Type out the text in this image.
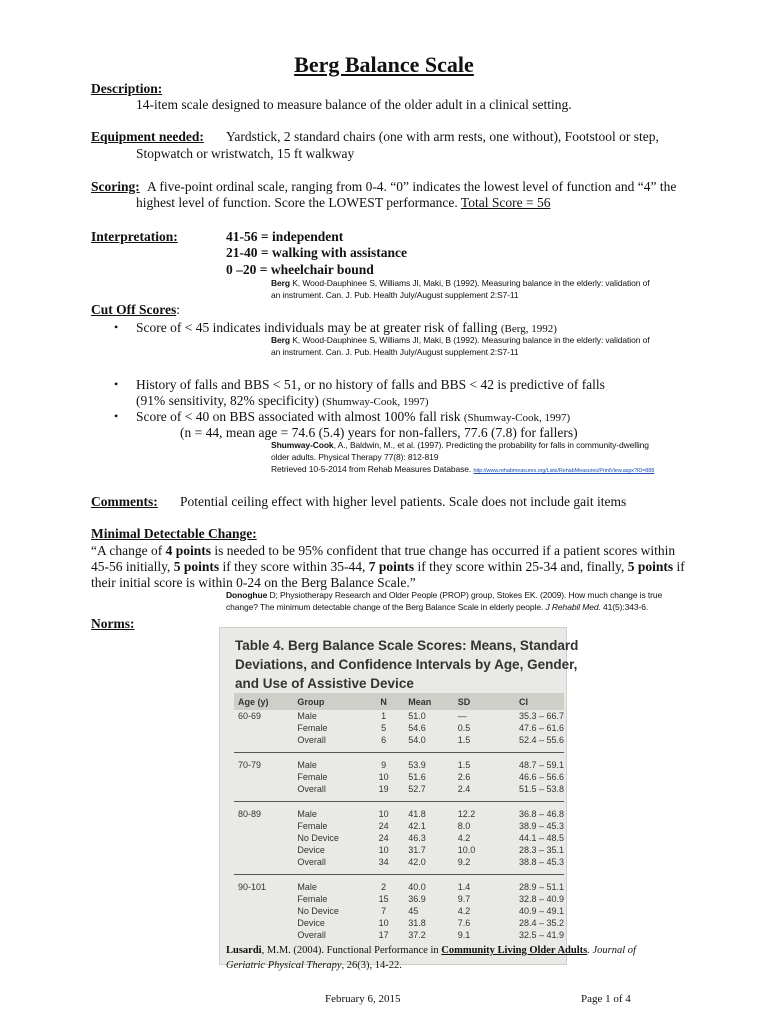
Berg Balance Scale
Description:
14-item scale designed to measure balance of the older adult in a clinical setting.
Equipment needed: Yardstick, 2 standard chairs (one with arm rests, one without), Footstool or step,
Stopwatch or wristwatch, 15 ft walkway
Scoring: A five-point ordinal scale, ranging from 0-4. “0” indicates the lowest level of function and “4” the
highest level of function. Score the LOWEST performance. Total Score = 56
Interpretation:	41-56 = independent
21-40 = walking with assistance
0 –20 = wheelchair bound
Berg K, Wood-Dauphinee S, Williams JI, Maki, B (1992). Measuring balance in the elderly: validation of
an instrument. Can. J. Pub. Health July/August supplement 2:S7-11
Cut Off Scores:
• Score of < 45 indicates individuals may be at greater risk of falling (Berg, 1992)
Berg K, Wood-Dauphinee S, Williams JI, Maki, B (1992). Measuring balance in the elderly: validation of
an instrument. Can. J. Pub. Health July/August supplement 2:S7-11
• History of falls and BBS < 51, or no history of falls and BBS < 42 is predictive of falls
(91% sensitivity, 82% specificity) (Shumway-Cook, 1997)
• Score of < 40 on BBS associated with almost 100% fall risk (Shumway-Cook, 1997)
(n = 44, mean age = 74.6 (5.4) years for non-fallers, 77.6 (7.8) for fallers)
Shumway-Cook, A., Baldwin, M., et al. (1997). Predicting the probability for falls in community-dwelling
older adults. Physical Therapy 77(8): 812-819
Retrieved 10-5-2014 from Rehab Measures Database. http://www.rehabmeasures.org/Lists/RehabMeasures/PrintView.aspx?ID=888
Comments: Potential ceiling effect with higher level patients. Scale does not include gait items
Minimal Detectable Change:
“A change of 4 points is needed to be 95% confident that true change has occurred if a patient scores within
45-56 initially, 5 points if they score within 35-44, 7 points if they score within 25-34 and, finally, 5 points if
their initial score is within 0-24 on the Berg Balance Scale.”
Donoghue D; Physiotherapy Research and Older People (PROP) group, Stokes EK. (2009). How much change is true
change? The minimum detectable change of the Berg Balance Scale in elderly people. J Rehabil Med. 41(5):343-6.
Norms:
Table 4. Berg Balance Scale Scores: Means, Standard
Deviations, and Confidence Intervals by Age, Gender,
and Use of Assistive Device
Age (y)	Group	N	Mean	SD	CI
60-69	Male	1	51.0	—	35.3 – 66.7
	Female	5	54.6	0.5	47.6 – 61.6
	Overall	6	54.0	1.5	52.4 – 55.6
70-79	Male	9	53.9	1.5	48.7 – 59.1
	Female	10	51.6	2.6	46.6 – 56.6
	Overall	19	52.7	2.4	51.5 – 53.8
80-89	Male	10	41.8	12.2	36.8 – 46.8
	Female	24	42.1	8.0	38.9 – 45.3
	No Device	24	46.3	4.2	44.1 – 48.5
	Device	10	31.7	10.0	28.3 – 35.1
	Overall	34	42.0	9.2	38.8 – 45.3
90-101	Male	2	40.0	1.4	28.9 – 51.1
	Female	15	36.9	9.7	32.8 – 40.9
	No Device	7	45	4.2	40.9 – 49.1
	Device	10	31.8	7.6	28.4 – 35.2
	Overall	17	37.2	9.1	32.5 – 41.9
Lusardi, M.M. (2004). Functional Performance in Community Living Older Adults. Journal of
Geriatric Physical Therapy, 26(3), 14-22.
February 6, 2015	Page 1 of 4
